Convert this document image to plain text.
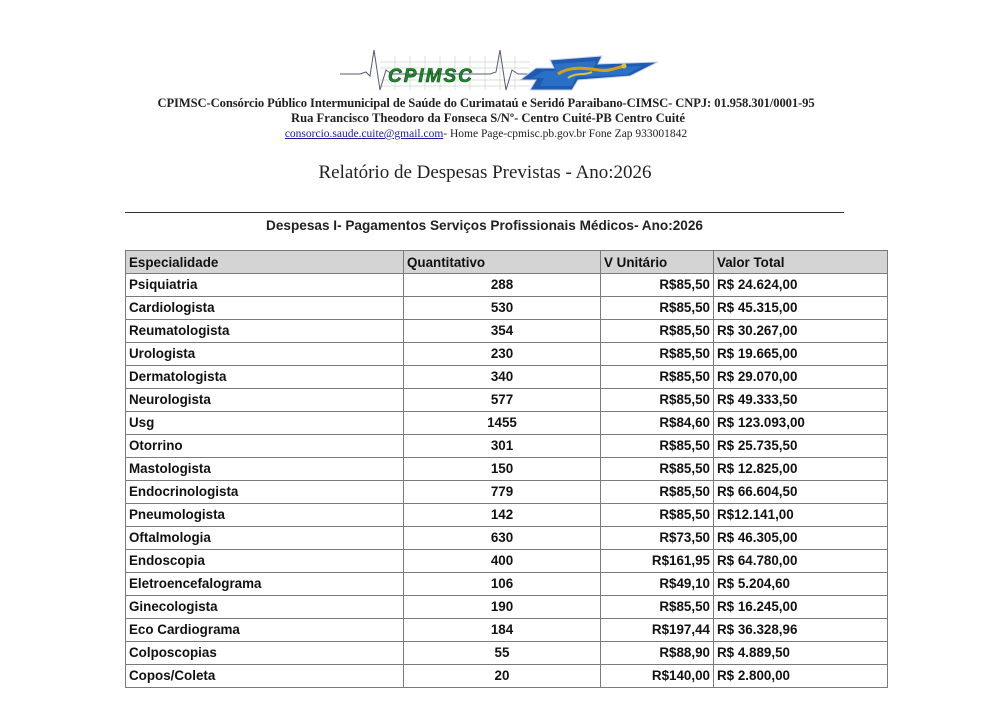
CPIMSC
CPIMSC-Consórcio Público Intermunicipal de Saúde do Curimataú e Seridó Paraibano-CIMSC- CNPJ: 01.958.301/0001-95
Rua Francisco Theodoro da Fonseca S/Nº- Centro Cuité-PB Centro Cuité
consorcio.saude.cuite@gmail.com- Home Page-cpmisc.pb.gov.br Fone Zap 933001842
Relatório de Despesas Previstas - Ano:2026
Despesas I- Pagamentos Serviços Profissionais Médicos- Ano:2026
Especialidade	Quantitativo	V Unitário	Valor Total
Psiquiatria	288	R$85,50	R$ 24.624,00
Cardiologista	530	R$85,50	R$ 45.315,00
Reumatologista	354	R$85,50	R$ 30.267,00
Urologista	230	R$85,50	R$ 19.665,00
Dermatologista	340	R$85,50	R$ 29.070,00
Neurologista	577	R$85,50	R$ 49.333,50
Usg	1455	R$84,60	R$ 123.093,00
Otorrino	301	R$85,50	R$ 25.735,50
Mastologista	150	R$85,50	R$ 12.825,00
Endocrinologista	779	R$85,50	R$ 66.604,50
Pneumologista	142	R$85,50	R$12.141,00
Oftalmologia	630	R$73,50	R$ 46.305,00
Endoscopia	400	R$161,95	R$ 64.780,00
Eletroencefalograma	106	R$49,10	R$ 5.204,60
Ginecologista	190	R$85,50	R$ 16.245,00
Eco Cardiograma	184	R$197,44	R$ 36.328,96
Colposcopias	55	R$88,90	R$ 4.889,50
Copos/Coleta	20	R$140,00	R$ 2.800,00
